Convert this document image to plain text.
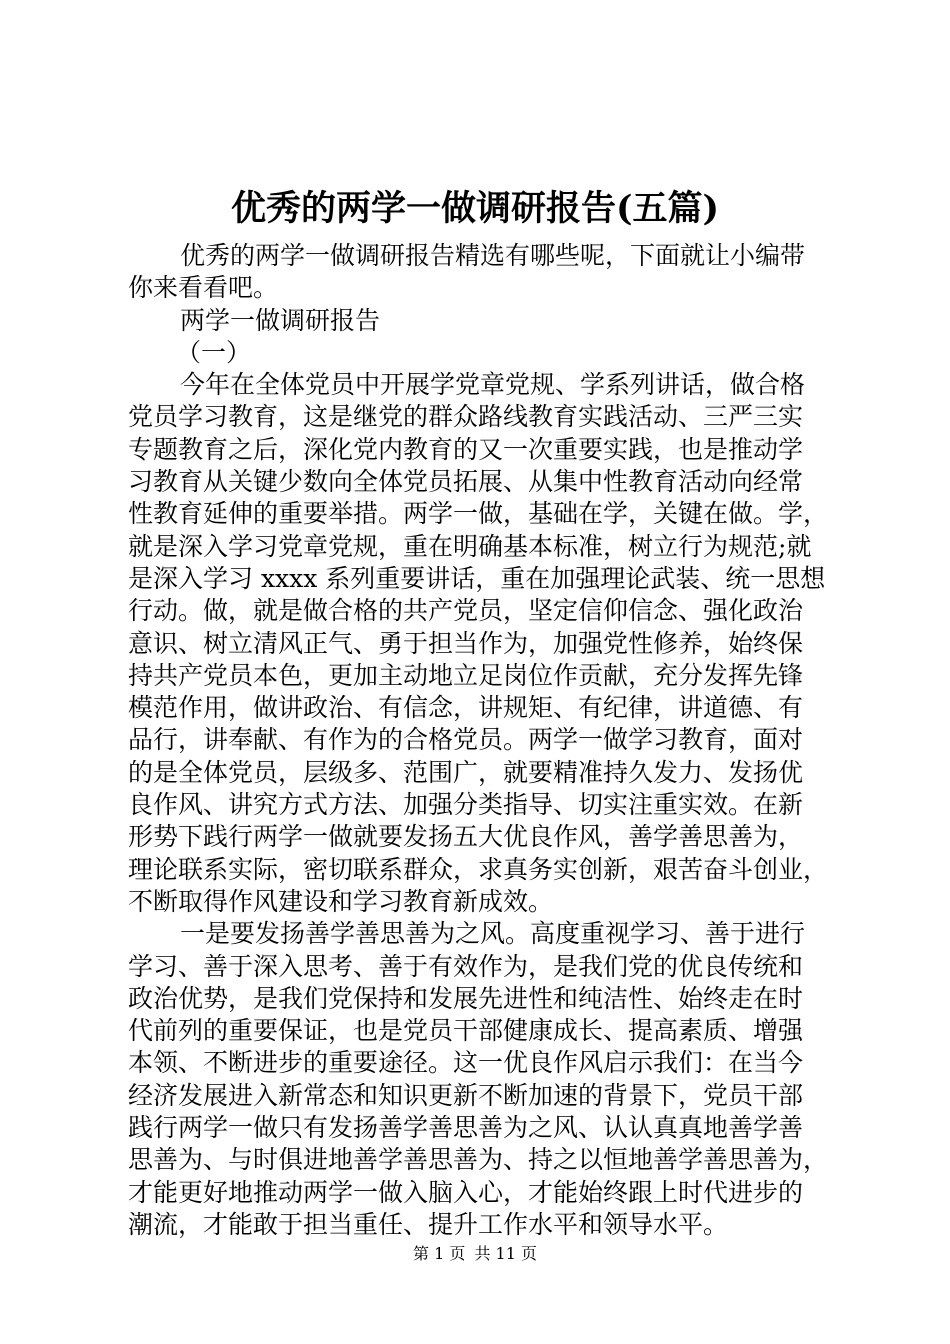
优秀的两学一做调研报告(五篇)
优秀的两学一做调研报告精选有哪些呢，下面就让小编带
你来看看吧。
两学一做调研报告
（一）
今年在全体党员中开展学党章党规、学系列讲话，做合格
党员学习教育，这是继党的群众路线教育实践活动、三严三实
专题教育之后，深化党内教育的又一次重要实践，也是推动学
习教育从关键少数向全体党员拓展、从集中性教育活动向经常
性教育延伸的重要举措。两学一做，基础在学，关键在做。学，
就是深入学习党章党规，重在明确基本标准，树立行为规范;就
是深入学习 xxxx 系列重要讲话，重在加强理论武装、统一思想
行动。做，就是做合格的共产党员，坚定信仰信念、强化政治
意识、树立清风正气、勇于担当作为，加强党性修养，始终保
持共产党员本色，更加主动地立足岗位作贡献，充分发挥先锋
模范作用，做讲政治、有信念，讲规矩、有纪律，讲道德、有
品行，讲奉献、有作为的合格党员。两学一做学习教育，面对
的是全体党员，层级多、范围广，就要精准持久发力、发扬优
良作风、讲究方式方法、加强分类指导、切实注重实效。在新
形势下践行两学一做就要发扬五大优良作风，善学善思善为，
理论联系实际，密切联系群众，求真务实创新，艰苦奋斗创业，
不断取得作风建设和学习教育新成效。
一是要发扬善学善思善为之风。高度重视学习、善于进行
学习、善于深入思考、善于有效作为，是我们党的优良传统和
政治优势，是我们党保持和发展先进性和纯洁性、始终走在时
代前列的重要保证，也是党员干部健康成长、提高素质、增强
本领、不断进步的重要途径。这一优良作风启示我们：在当今
经济发展进入新常态和知识更新不断加速的背景下，党员干部
践行两学一做只有发扬善学善思善为之风、认认真真地善学善
思善为、与时俱进地善学善思善为、持之以恒地善学善思善为，
才能更好地推动两学一做入脑入心，才能始终跟上时代进步的
潮流，才能敢于担当重任、提升工作水平和领导水平。
第 1 页 共 11 页
